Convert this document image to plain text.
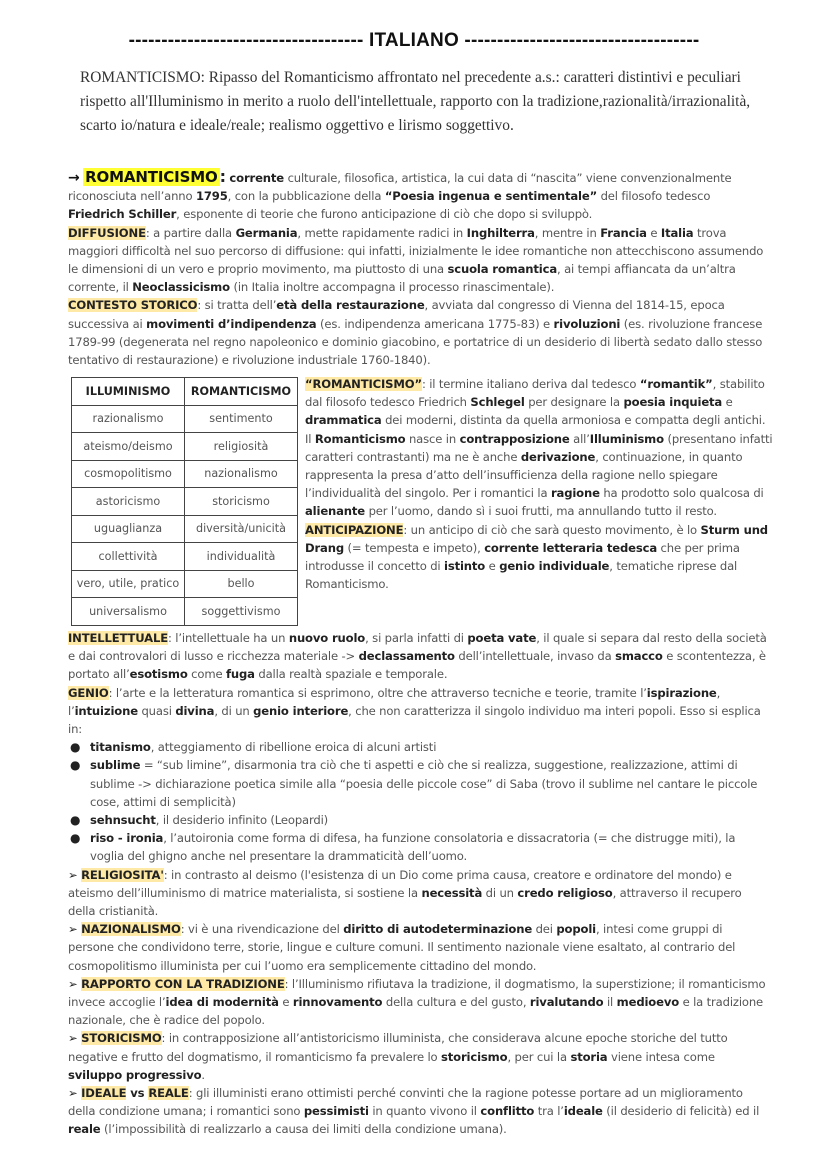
------------------------------------ ITALIANO ------------------------------------
ROMANTICISMO: Ripasso del Romanticismo affrontato nel precedente a.s.: caratteri distintivi e peculiari rispetto all'Illuminismo in merito a ruolo dell'intellettuale, rapporto con la tradizione,razionalità/irrazionalità, scarto io/natura e ideale/reale; realismo oggettivo e lirismo soggettivo.
→ ROMANTICISMO : corrente culturale, filosofica, artistica, la cui data di “nascita” viene convenzionalmente riconosciuta nell’anno 1795, con la pubblicazione della “Poesia ingenua e sentimentale” del filosofo tedesco Friedrich Schiller, esponente di teorie che furono anticipazione di ciò che dopo si sviluppò.
DIFFUSIONE: a partire dalla Germania, mette rapidamente radici in Inghilterra, mentre in Francia e Italia trova maggiori difficoltà nel suo percorso di diffusione: qui infatti, inizialmente le idee romantiche non attecchiscono assumendo le dimensioni di un vero e proprio movimento, ma piuttosto di una scuola romantica, ai tempi affiancata da un’altra corrente, il Neoclassicismo (in Italia inoltre accompagna il processo rinascimentale).
CONTESTO STORICO: si tratta dell’età della restaurazione, avviata dal congresso di Vienna del 1814-15, epoca successiva ai movimenti d’indipendenza (es. indipendenza americana 1775-83) e rivoluzioni (es. rivoluzione francese 1789-99 (degenerata nel regno napoleonico e dominio giacobino, e portatrice di un desiderio di libertà sedato dallo stesso tentativo di restaurazione) e rivoluzione industriale 1760-1840).
ILLUMINISMO	ROMANTICISMO
razionalismo	sentimento
ateismo/deismo	religiosità
cosmopolitismo	nazionalismo
astoricismo	storicismo
uguaglianza	diversità/unicità
collettività	individualità
vero, utile, pratico	bello
universalismo	soggettivismo
“ROMANTICISMO”: il termine italiano deriva dal tedesco “romantik”, stabilito dal filosofo tedesco Friedrich Schlegel per designare la poesia inquieta e drammatica dei moderni, distinta da quella armoniosa e compatta degli antichi.
Il Romanticismo nasce in contrapposizione all’Illuminismo (presentano infatti caratteri contrastanti) ma ne è anche derivazione, continuazione, in quanto rappresenta la presa d’atto dell’insufficienza della ragione nello spiegare l’individualità del singolo. Per i romantici la ragione ha prodotto solo qualcosa di alienante per l’uomo, dando sì i suoi frutti, ma annullando tutto il resto.
ANTICIPAZIONE: un anticipo di ciò che sarà questo movimento, è lo Sturm und Drang (= tempesta e impeto), corrente letteraria tedesca che per prima introdusse il concetto di istinto e genio individuale, tematiche riprese dal Romanticismo.
INTELLETTUALE: l’intellettuale ha un nuovo ruolo, si parla infatti di poeta vate, il quale si separa dal resto della società e dai controvalori di lusso e ricchezza materiale -> declassamento dell’intellettuale, invaso da smacco e scontentezza, è portato all’esotismo come fuga dalla realtà spaziale e temporale.
GENIO: l’arte e la letteratura romantica si esprimono, oltre che attraverso tecniche e teorie, tramite l’ispirazione, l’intuizione quasi divina, di un genio interiore, che non caratterizza il singolo individuo ma interi popoli. Esso si esplica in:
● titanismo, atteggiamento di ribellione eroica di alcuni artisti
● sublime = “sub limine”, disarmonia tra ciò che ti aspetti e ciò che si realizza, suggestione, realizzazione, attimi di sublime -> dichiarazione poetica simile alla “poesia delle piccole cose” di Saba (trovo il sublime nel cantare le piccole cose, attimi di semplicità)
● sehnsucht, il desiderio infinito (Leopardi)
● riso - ironia, l’autoironia come forma di difesa, ha funzione consolatoria e dissacratoria (= che distrugge miti), la voglia del ghigno anche nel presentare la drammaticità dell’uomo.
➢ RELIGIOSITA': in contrasto al deismo (l'esistenza di un Dio come prima causa, creatore e ordinatore del mondo) e ateismo dell’illuminismo di matrice materialista, si sostiene la necessità di un credo religioso, attraverso il recupero della cristianità.
➢ NAZIONALISMO: vi è una rivendicazione del diritto di autodeterminazione dei popoli, intesi come gruppi di persone che condividono terre, storie, lingue e culture comuni. Il sentimento nazionale viene esaltato, al contrario del cosmopolitismo illuminista per cui l’uomo era semplicemente cittadino del mondo.
➢ RAPPORTO CON LA TRADIZIONE: l’Illuminismo rifiutava la tradizione, il dogmatismo, la superstizione; il romanticismo invece accoglie l’idea di modernità e rinnovamento della cultura e del gusto, rivalutando il medioevo e la tradizione nazionale, che è radice del popolo.
➢ STORICISMO: in contrapposizione all’antistoricismo illuminista, che considerava alcune epoche storiche del tutto negative e frutto del dogmatismo, il romanticismo fa prevalere lo storicismo, per cui la storia viene intesa come sviluppo progressivo.
➢ IDEALE vs REALE: gli illuministi erano ottimisti perché convinti che la ragione potesse portare ad un miglioramento della condizione umana; i romantici sono pessimisti in quanto vivono il conflitto tra l’ideale (il desiderio di felicità) ed il reale (l’impossibilità di realizzarlo a causa dei limiti della condizione umana).
